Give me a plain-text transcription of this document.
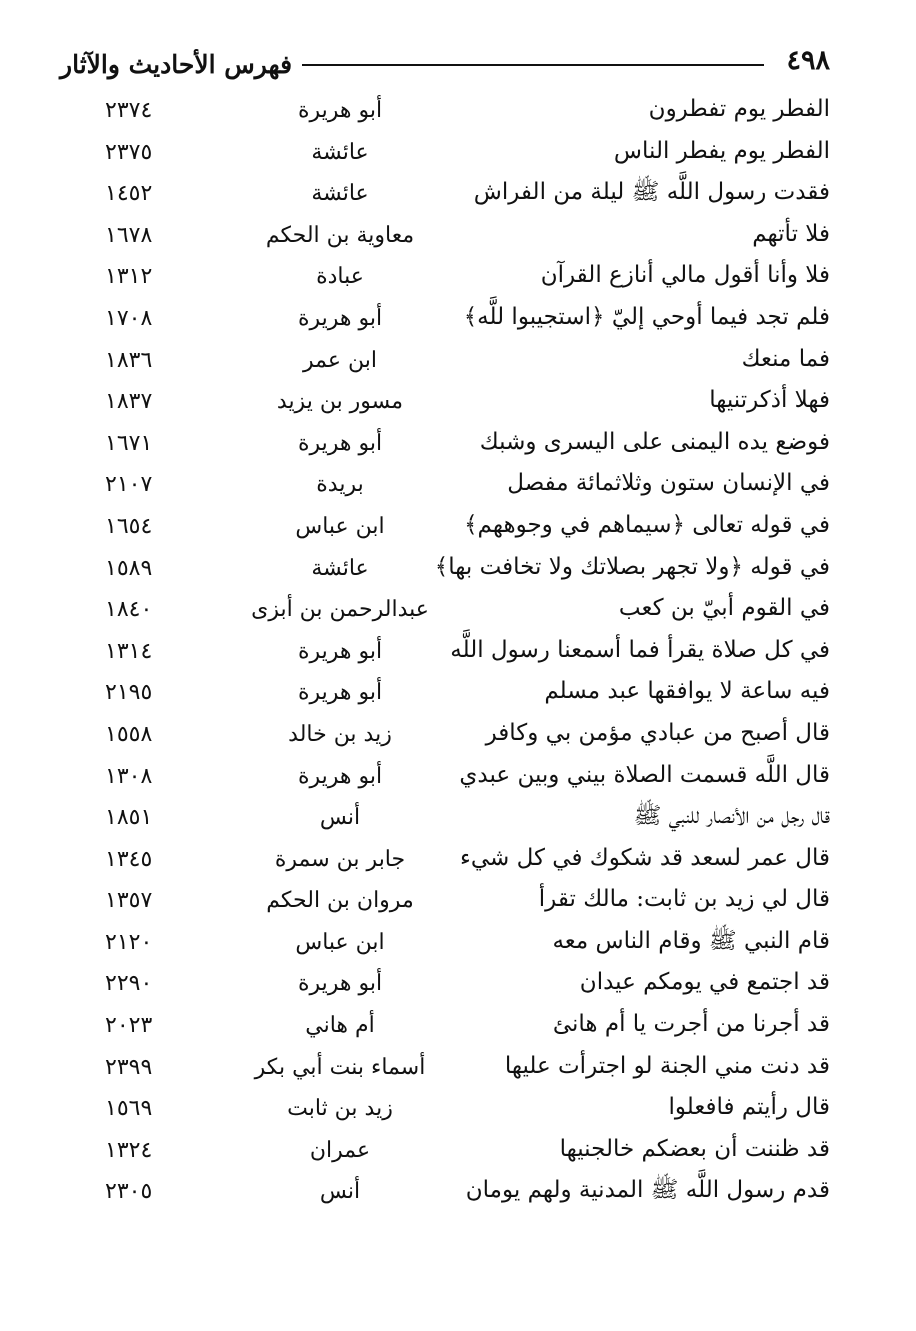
٤٩٨
فهرس الأحاديث والآثار
الفطر يوم تفطرون
أبو هريرة
٢٣٧٤
الفطر يوم يفطر الناس
عائشة
٢٣٧٥
فقدت رسول اللَّه ﷺ ليلة من الفراش
عائشة
١٤٥٢
فلا تأتهم
معاوية بن الحكم
١٦٧٨
فلا وأنا أقول مالي أنازع القرآن
عبادة
١٣١٢
فلم تجد فيما أوحي إليّ ﴿استجيبوا للَّه﴾
أبو هريرة
١٧٠٨
فما منعك
ابن عمر
١٨٣٦
فهلا أذكرتنيها
مسور بن يزيد
١٨٣٧
فوضع يده اليمنى على اليسرى وشبك
أبو هريرة
١٦٧١
في الإنسان ستون وثلاثمائة مفصل
بريدة
٢١٠٧
في قوله تعالى ﴿سيماهم في وجوههم﴾
ابن عباس
١٦٥٤
في قوله ﴿ولا تجهر بصلاتك ولا تخافت بها﴾
عائشة
١٥٨٩
في القوم أبيّ بن كعب
عبدالرحمن بن أبزى
١٨٤٠
في كل صلاة يقرأ فما أسمعنا رسول اللَّه
أبو هريرة
١٣١٤
فيه ساعة لا يوافقها عبد مسلم
أبو هريرة
٢١٩٥
قال أصبح من عبادي مؤمن بي وكافر
زيد بن خالد
١٥٥٨
قال اللَّه قسمت الصلاة بيني وبين عبدي
أبو هريرة
١٣٠٨
قال رجل من الأنصار للنبي ﷺ
أنس
١٨٥١
قال عمر لسعد قد شكوك في كل شيء
جابر بن سمرة
١٣٤٥
قال لي زيد بن ثابت: مالك تقرأ
مروان بن الحكم
١٣٥٧
قام النبي ﷺ وقام الناس معه
ابن عباس
٢١٢٠
قد اجتمع في يومكم عيدان
أبو هريرة
٢٢٩٠
قد أجرنا من أجرت يا أم هانئ
أم هاني
٢٠٢٣
قد دنت مني الجنة لو اجترأت عليها
أسماء بنت أبي بكر
٢٣٩٩
قال رأيتم فافعلوا
زيد بن ثابت
١٥٦٩
قد ظننت أن بعضكم خالجنيها
عمران
١٣٢٤
قدم رسول اللَّه ﷺ المدنية ولهم يومان
أنس
٢٣٠٥
